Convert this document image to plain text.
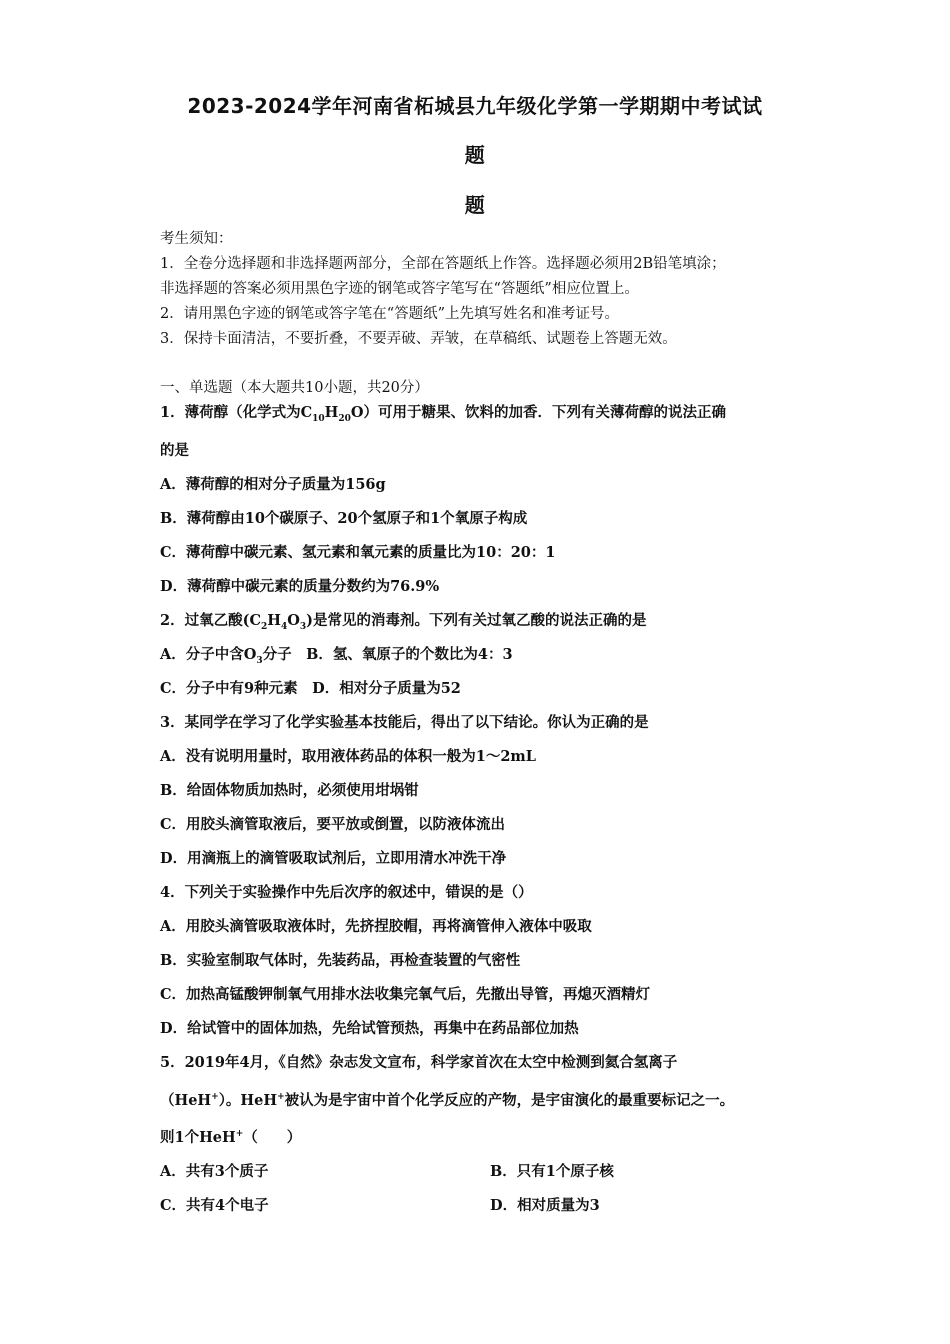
2023-2024学年河南省柘城县九年级化学第一学期期中考试试
题
题
考生须知：
1．全卷分选择题和非选择题两部分，全部在答题纸上作答。选择题必须用2B铅笔填涂；
非选择题的答案必须用黑色字迹的钢笔或答字笔写在“答题纸”相应位置上。
2．请用黑色字迹的钢笔或答字笔在“答题纸”上先填写姓名和准考证号。
3．保持卡面清洁，不要折叠，不要弄破、弄皱，在草稿纸、试题卷上答题无效。
一、单选题（本大题共10小题，共20分）
1．薄荷醇（化学式为$C_{10}H_{20}O$）可用于糖果、饮料的加香．下列有关薄荷醇的说法正确
的是
A．薄荷醇的相对分子质量为156g
B．薄荷醇由10个碳原子、20个氢原子和1个氧原子构成
C．薄荷醇中碳元素、氢元素和氧元素的质量比为10：20：1
D．薄荷醇中碳元素的质量分数约为76.9%
2．过氧乙酸$(C_2H_4O_3)$是常见的消毒剂。下列有关过氧乙酸的说法正确的是
A．分子中含$O_3$分子　B．氢、氧原子的个数比为4：3
C．分子中有9种元素　D．相对分子质量为52
3．某同学在学习了化学实验基本技能后，得出了以下结论。你认为正确的是
A．没有说明用量时，取用液体药品的体积一般为1～2mL
B．给固体物质加热时，必须使用坩埚钳
C．用胶头滴管取液后，要平放或倒置，以防液体流出
D．用滴瓶上的滴管吸取试剂后，立即用清水冲洗干净
4．下列关于实验操作中先后次序的叙述中，错误的是（）
A．用胶头滴管吸取液体时，先挤捏胶帽，再将滴管伸入液体中吸取
B．实验室制取气体时，先装药品，再检查装置的气密性
C．加热高锰酸钾制氧气用排水法收集完氧气后，先撤出导管，再熄灭酒精灯
D．给试管中的固体加热，先给试管预热，再集中在药品部位加热
5．2019年4月，《自然》杂志发文宣布，科学家首次在太空中检测到氦合氢离子
（HeH+）。HeH+被认为是宇宙中首个化学反应的产物，是宇宙演化的最重要标记之一。
则1个HeH+（　　）
A．共有3个质子	B．只有1个原子核
C．共有4个电子	D．相对质量为3
